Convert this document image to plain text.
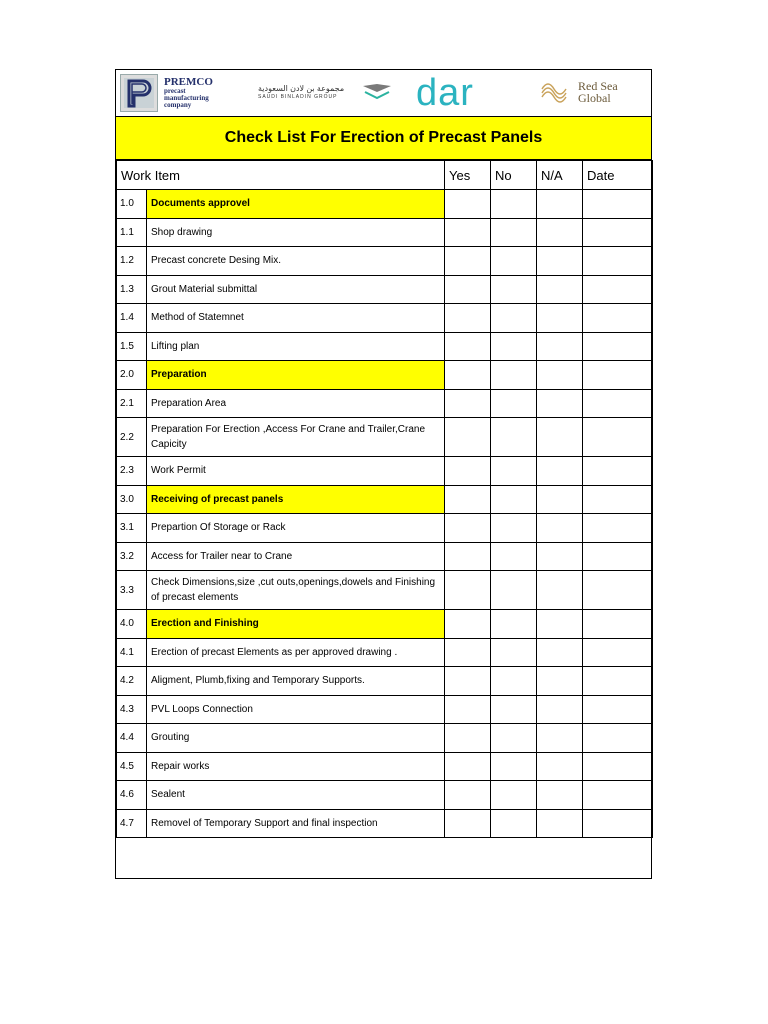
PREMCO
precast
manufacturing
company
مجموعة بن لادن السعودية
SAUDI BINLADIN GROUP dar	Red Sea
Global
Check List For Erection of Precast Panels
Work Item		Yes	No	N/A	Date
1.0	Documents approvel				
1.1	Shop drawing				
1.2	Precast concrete Desing Mix.				
1.3	Grout Material submittal				
1.4	Method of Statemnet				
1.5	Lifting plan				
2.0	Preparation				
2.1	Preparation Area				
2.2	Preparation For Erection ,Access For Crane and Trailer,Crane Capicity				
2.3	Work Permit				
3.0	Receiving of precast panels				
3.1	Prepartion Of Storage or Rack				
3.2	Access for Trailer near to Crane				
3.3	Check Dimensions,size ,cut outs,openings,dowels and Finishing of precast elements				
4.0	Erection and Finishing				
4.1	Erection of precast Elements as per approved drawing .				
4.2	Aligment, Plumb,fixing and Temporary Supports.				
4.3	PVL Loops Connection				
4.4	Grouting				
4.5	Repair works				
4.6	Sealent				
4.7	Removel of Temporary Support and final inspection				
